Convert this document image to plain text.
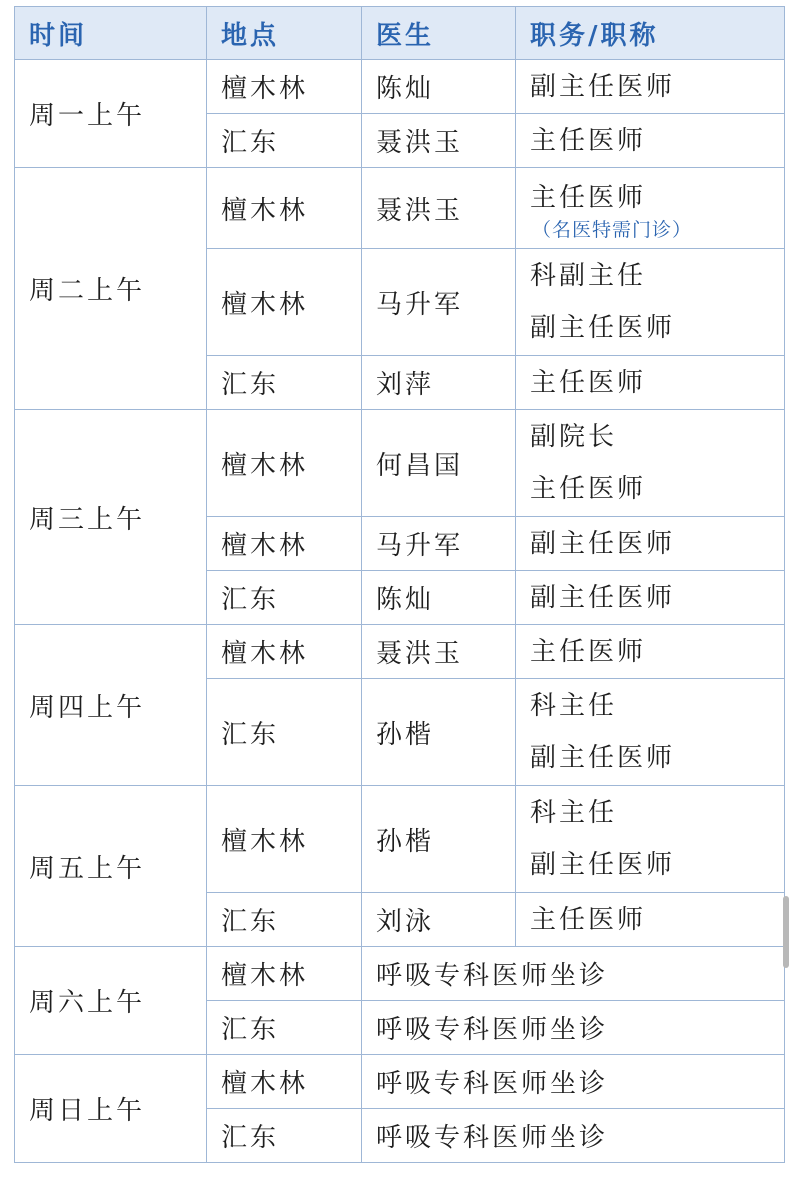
时间	地点	医生	职务/职称
周一上午	檀木林	陈灿	副主任医师

	汇东	聂洪玉	主任医师

周二上午	檀木林	聂洪玉	主任医师
（名医特需门诊）

	檀木林	马升军	科副主任
副主任医师

	汇东	刘萍	主任医师

周三上午	檀木林	何昌国	副院长
主任医师

	檀木林	马升军	副主任医师

	汇东	陈灿	副主任医师

周四上午	檀木林	聂洪玉	主任医师

	汇东	孙楷	科主任
副主任医师

周五上午	檀木林	孙楷	科主任
副主任医师

	汇东	刘泳	主任医师

周六上午	檀木林	呼吸专科医师坐诊	
	汇东	呼吸专科医师坐诊	
周日上午	檀木林	呼吸专科医师坐诊	
	汇东	呼吸专科医师坐诊	
